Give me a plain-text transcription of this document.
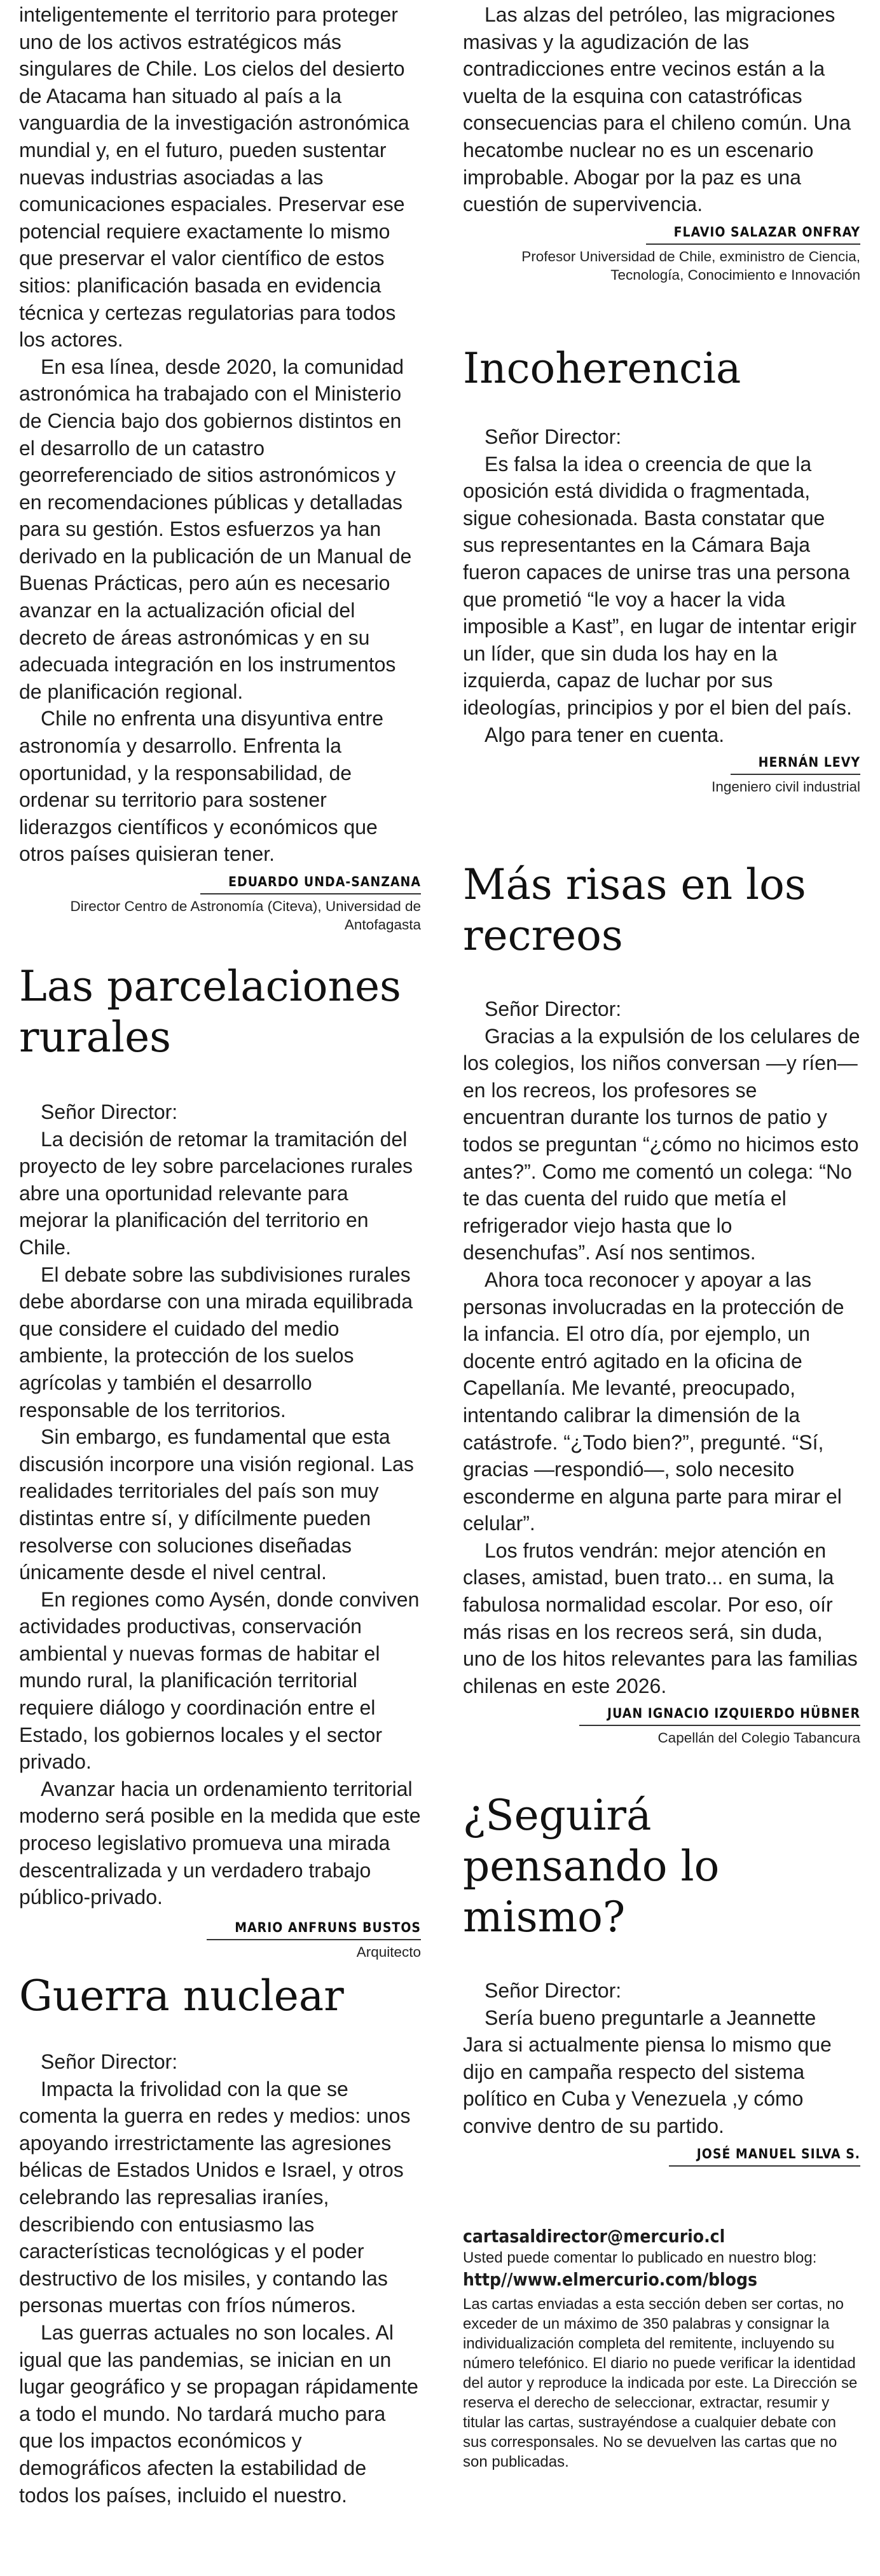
inteligentemente el territorio para proteger uno de los activos estratégicos más singulares de Chile. Los cielos del desierto de Atacama han situado al país a la vanguardia de la investigación astronómica mundial y, en el futuro, pueden sustentar nuevas industrias asociadas a las comunicaciones espaciales. Preservar ese potencial requiere exactamente lo mismo que preservar el valor científico de estos sitios: planificación basada en evidencia técnica y certezas regulatorias para todos los actores.

En esa línea, desde 2020, la comunidad astronómica ha trabajado con el Ministerio de Ciencia bajo dos gobiernos distintos en el desarrollo de un catastro georreferenciado de sitios astronómicos y en recomendaciones públicas y detalladas para su gestión. Estos esfuerzos ya han derivado en la publicación de un Manual de Buenas Prácticas, pero aún es necesario avanzar en la actualización oficial del decreto de áreas astronómicas y en su adecuada integración en los instrumentos de planificación regional.

Chile no enfrenta una disyuntiva entre astronomía y desarrollo. Enfrenta la oportunidad, y la responsabilidad, de ordenar su territorio para sostener liderazgos científicos y económicos que otros países quisieran tener.

EDUARDO UNDA-SANZANA
Director Centro de Astronomía (Citeva), Universidad de Antofagasta
Las parcelaciones rurales

Señor Director:

La decisión de retomar la tramitación del proyecto de ley sobre parcelaciones rurales abre una oportunidad relevante para mejorar la planificación del territorio en Chile.

El debate sobre las subdivisiones rurales debe abordarse con una mirada equilibrada que considere el cuidado del medio ambiente, la protección de los suelos agrícolas y también el desarrollo responsable de los territorios.

Sin embargo, es fundamental que esta discusión incorpore una visión regional. Las realidades territoriales del país son muy distintas entre sí, y difícilmente pueden resolverse con soluciones diseñadas únicamente desde el nivel central.

En regiones como Aysén, donde conviven actividades productivas, conservación ambiental y nuevas formas de habitar el mundo rural, la planificación territorial requiere diálogo y coordinación entre el Estado, los gobiernos locales y el sector privado.

Avanzar hacia un ordenamiento territorial moderno será posible en la medida que este proceso legislativo promueva una mirada descentralizada y un verdadero trabajo público-privado.

MARIO ANFRUNS BUSTOS
Arquitecto
Guerra nuclear

Señor Director:

Impacta la frivolidad con la que se comenta la guerra en redes y medios: unos apoyando irrestrictamente las agresiones bélicas de Estados Unidos e Israel, y otros celebrando las represalias iraníes, describiendo con entusiasmo las características tecnológicas y el poder destructivo de los misiles, y contando las personas muertas con fríos números.

Las guerras actuales no son locales. Al igual que las pandemias, se inician en un lugar geográfico y se propagan rápidamente a todo el mundo. No tardará mucho para que los impactos económicos y demográficos afecten la estabilidad de todos los países, incluido el nuestro.

Las alzas del petróleo, las migraciones masivas y la agudización de las contradicciones entre vecinos están a la vuelta de la esquina con catastróficas consecuencias para el chileno común. Una hecatombe nuclear no es un escenario improbable. Abogar por la paz es una cuestión de supervivencia.

FLAVIO SALAZAR ONFRAY
Profesor Universidad de Chile, exministro de Ciencia, Tecnología, Conocimiento e Innovación
Incoherencia

Señor Director:

Es falsa la idea o creencia de que la oposición está dividida o fragmentada, sigue cohesionada. Basta constatar que sus representantes en la Cámara Baja fueron capaces de unirse tras una persona que prometió “le voy a hacer la vida imposible a Kast”, en lugar de intentar erigir un líder, que sin duda los hay en la izquierda, capaz de luchar por sus ideologías, principios y por el bien del país.

Algo para tener en cuenta.

HERNÁN LEVY
Ingeniero civil industrial
Más risas en los recreos

Señor Director:

Gracias a la expulsión de los celulares de los colegios, los niños conversan —y ríen— en los recreos, los profesores se encuentran durante los turnos de patio y todos se preguntan “¿cómo no hicimos esto antes?”. Como me comentó un colega: “No te das cuenta del ruido que metía el refrigerador viejo hasta que lo desenchufas”. Así nos sentimos.

Ahora toca reconocer y apoyar a las personas involucradas en la protección de la infancia. El otro día, por ejemplo, un docente entró agitado en la oficina de Capellanía. Me levanté, preocupado, intentando calibrar la dimensión de la catástrofe. “¿Todo bien?”, pregunté. “Sí, gracias —respondió—, solo necesito esconderme en alguna parte para mirar el celular”.

Los frutos vendrán: mejor atención en clases, amistad, buen trato... en suma, la fabulosa normalidad escolar. Por eso, oír más risas en los recreos será, sin duda, uno de los hitos relevantes para las familias chilenas en este 2026.

JUAN IGNACIO IZQUIERDO HÜBNER
Capellán del Colegio Tabancura
¿Seguirá pensando lo mismo?

Señor Director:

Sería bueno preguntarle a Jeannette Jara si actualmente piensa lo mismo que dijo en campaña respecto del sistema político en Cuba y Venezuela ,y cómo convive dentro de su partido.

JOSÉ MANUEL SILVA S.
cartasaldirector@mercurio.cl
Usted puede comentar lo publicado en nuestro blog:
http//www.elmercurio.com/blogs
Las cartas enviadas a esta sección deben ser cortas, no exceder de un máximo de 350 palabras y consignar la individualización completa del remitente, incluyendo su número telefónico. El diario no puede verificar la identidad del autor y reproduce la indicada por este. La Dirección se reserva el derecho de seleccionar, extractar, resumir y titular las cartas, sustrayéndose a cualquier debate con sus corresponsales. No se devuelven las cartas que no son publicadas.
